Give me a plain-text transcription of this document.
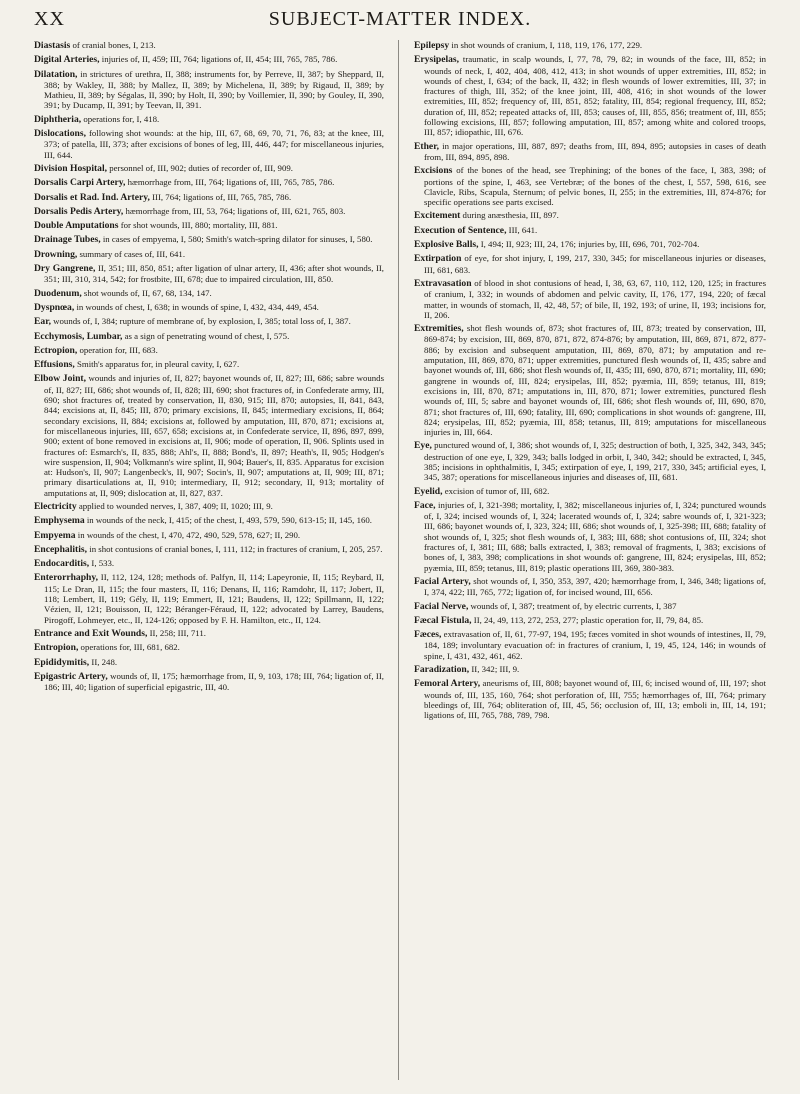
XX	SUBJECT-MATTER INDEX.

Diastasis of cranial bones, I, 213.

Digital Arteries, injuries of, II, 459; III, 764; ligations of, II, 454; III, 765, 785, 786.

Dilatation, in strictures of urethra, II, 388; instruments for, by Perreve, II, 387; by Sheppard, II, 388; by Wakley, II, 388; by Mallez, II, 389; by Michelena, II, 389; by Rigaud, II, 389; by Mathieu, II, 389; by Ségalas, II, 390; by Holt, II, 390; by Voillemier, II, 390; by Gouley, II, 390, 391; by Ducamp, II, 391; by Teevan, II, 391.

Diphtheria, operations for, I, 418.

Dislocations, following shot wounds: at the hip, III, 67, 68, 69, 70, 71, 76, 83; at the knee, III, 373; of patella, III, 373; after excisions of bones of leg, III, 446, 447; for miscellaneous injuries, III, 644.

Division Hospital, personnel of, III, 902; duties of recorder of, III, 909.

Dorsalis Carpi Artery, hæmorrhage from, III, 764; ligations of, III, 765, 785, 786.

Dorsalis et Rad. Ind. Artery, III, 764; ligations of, III, 765, 785, 786.

Dorsalis Pedis Artery, hæmorrhage from, III, 53, 764; ligations of, III, 621, 765, 803.

Double Amputations for shot wounds, III, 880; mortality, III, 881.

Drainage Tubes, in cases of empyema, I, 580; Smith's watch-spring dilator for sinuses, I, 580.

Drowning, summary of cases of, III, 641.

Dry Gangrene, II, 351; III, 850, 851; after ligation of ulnar artery, II, 436; after shot wounds, II, 351; III, 310, 314, 542; for frostbite, III, 678; due to impaired circulation, III, 850.

Duodenum, shot wounds of, II, 67, 68, 134, 147.

Dyspnœa, in wounds of chest, I, 638; in wounds of spine, I, 432, 434, 449, 454.

Ear, wounds of, I, 384; rupture of membrane of, by explosion, I, 385; total loss of, I, 387.

Ecchymosis, Lumbar, as a sign of penetrating wound of chest, I, 575.

Ectropion, operation for, III, 683.

Effusions, Smith's apparatus for, in pleural cavity, I, 627.

Elbow Joint, wounds and injuries of, II, 827; bayonet wounds of, II, 827; III, 686; sabre wounds of, II, 827; III, 686; shot wounds of, II, 828; III, 690; shot fractures of, in Confederate army, III, 690; shot fractures of, treated by conservation, II, 830, 915; III, 870; autopsies, II, 841, 843, 844; excisions at, II, 845; III, 870; primary excisions, II, 845; intermediary excisions, II, 864; secondary excisions, II, 884; excisions at, followed by amputation, III, 870, 871; excisions at, for miscellaneous injuries, III, 657, 658; excisions at, in Confederate service, II, 896, 897, 899, 900; extent of bone removed in excisions at, II, 906; mode of operation, II, 906. Splints used in fractures of: Esmarch's, II, 835, 888; Ahl's, II, 888; Bond's, II, 897; Heath's, II, 905; Hodgen's wire suspension, II, 904; Volkmann's wire splint, II, 904; Bauer's, II, 835. Apparatus for excision at: Hudson's, II, 907; Langenbeck's, II, 907; Socin's, II, 907; amputations at, II, 909; III, 871; primary disarticulations at, II, 910; intermediary, II, 912; secondary, II, 913; mortality of amputations at, II, 909; dislocation at, II, 827, 837.

Electricity applied to wounded nerves, I, 387, 409; II, 1020; III, 9.

Emphysema in wounds of the neck, I, 415; of the chest, I, 493, 579, 590, 613-15; II, 145, 160.

Empyema in wounds of the chest, I, 470, 472, 490, 529, 578, 627; II, 290.

Encephalitis, in shot contusions of cranial bones, I, 111, 112; in fractures of cranium, I, 205, 257.

Endocarditis, I, 533.

Enterorrhaphy, II, 112, 124, 128; methods of. Palfyn, II, 114; Lapeyronie, II, 115; Reybard, II, 115; Le Dran, II, 115; the four masters, II, 116; Denans, II, 116; Ramdohr, II, 117; Jobert, II, 118; Lembert, II, 119; Gély, II, 119; Emmert, II, 121; Baudens, II, 122; Spillmann, II, 122; Vézien, II, 121; Bouisson, II, 122; Béranger-Féraud, II, 122; advocated by Larrey, Baudens, Pirogoff, Lohmeyer, etc., II, 124-126; opposed by F. H. Hamilton, etc., II, 124.

Entrance and Exit Wounds, II, 258; III, 711.

Entropion, operations for, III, 681, 682.

Epididymitis, II, 248.

Epigastric Artery, wounds of, II, 175; hæmorrhage from, II, 9, 103, 178; III, 764; ligation of, II, 186; III, 40; ligation of superficial epigastric, III, 40.

Epilepsy in shot wounds of cranium, I, 118, 119, 176, 177, 229.

Erysipelas, traumatic, in scalp wounds, I, 77, 78, 79, 82; in wounds of the face, III, 852; in wounds of neck, I, 402, 404, 408, 412, 413; in shot wounds of upper extremities, III, 852; in wounds of chest, I, 634; of the back, II, 432; in flesh wounds of lower extremities, III, 37; in fractures of thigh, III, 352; of the knee joint, III, 408, 416; in shot wounds of the lower extremities, III, 852; frequency of, III, 851, 852; fatality, III, 854; regional frequency, III, 852; duration of, III, 852; repeated attacks of, III, 853; causes of, III, 855, 856; treatment of, III, 855; following excisions, III, 857; following amputation, III, 857; among white and colored troops, III, 857; idiopathic, III, 676.

Ether, in major operations, III, 887, 897; deaths from, III, 894, 895; autopsies in cases of death from, III, 894, 895, 898.

Excisions of the bones of the head, see Trephining; of the bones of the face, I, 383, 398; of portions of the spine, I, 463, see Vertebræ; of the bones of the chest, I, 557, 598, 616, see Clavicle, Ribs, Scapula, Sternum; of pelvic bones, II, 255; in the extremities, III, 874-876; for specific operations see parts excised.

Excitement during anæsthesia, III, 897.

Execution of Sentence, III, 641.

Explosive Balls, I, 494; II, 923; III, 24, 176; injuries by, III, 696, 701, 702-704.

Extirpation of eye, for shot injury, I, 199, 217, 330, 345; for miscellaneous injuries or diseases, III, 681, 683.

Extravasation of blood in shot contusions of head, I, 38, 63, 67, 110, 112, 120, 125; in fractures of cranium, I, 332; in wounds of abdomen and pelvic cavity, II, 176, 177, 194, 220; of fæcal matter, in wounds of stomach, II, 42, 48, 57; of bile, II, 192, 193; of urine, II, 193; incisions for, II, 206.

Extremities, shot flesh wounds of, 873; shot fractures of, III, 873; treated by conservation, III, 869-874; by excision, III, 869, 870, 871, 872, 874-876; by amputation, III, 869, 871, 872, 877-886; by excision and subsequent amputation, III, 869, 870, 871; by amputation and re-amputation, III, 869, 870, 871; upper extremities, punctured flesh wounds of, II, 435; sabre and bayonet wounds of, III, 686; shot flesh wounds of, II, 435; III, 690, 870, 871; mortality, III, 690; gangrene in wounds of, III, 824; erysipelas, III, 852; pyæmia, III, 859; tetanus, III, 819; excisions in, III, 870, 871; amputations in, III, 870, 871; lower extremities, punctured flesh wounds of, III, 5; sabre and bayonet wounds of, III, 686; shot flesh wounds of, III, 690, 870, 871; shot fractures of, III, 690; fatality, III, 690; complications in shot wounds of: gangrene, III, 824; erysipelas, III, 852; pyæmia, III, 858; tetanus, III, 819; amputations for miscellaneous injuries in, III, 664.

Eye, punctured wound of, I, 386; shot wounds of, I, 325; destruction of both, I, 325, 342, 343, 345; destruction of one eye, I, 329, 343; balls lodged in orbit, I, 340, 342; should be extracted, I, 345, 385; incisions in ophthalmitis, I, 345; extirpation of eye, I, 199, 217, 330, 345; artificial eyes, I, 345, 387; operations for miscellaneous injuries and diseases of, III, 681.

Eyelid, excision of tumor of, III, 682.

Face, injuries of, I, 321-398; mortality, I, 382; miscellaneous injuries of, I, 324; punctured wounds of, I, 324; incised wounds of, I, 324; lacerated wounds of, I, 324; sabre wounds of, I, 321-323; III, 686; bayonet wounds of, I, 323, 324; III, 686; shot wounds of, I, 325-398; III, 688; fatality of shot wounds of, I, 325; shot flesh wounds of, I, 383; III, 688; shot contusions of, III, 324; shot fractures of, I, 381; III, 688; balls extracted, I, 383; removal of fragments, I, 383; excisions of bones of, I, 383, 398; complications in shot wounds of: gangrene, III, 824; erysipelas, III, 852; pyæmia, III, 859; tetanus, III, 819; plastic operations III, 369, 380-383.

Facial Artery, shot wounds of, I, 350, 353, 397, 420; hæmorrhage from, I, 346, 348; ligations of, I, 374, 422; III, 765, 772; ligation of, for incised wound, III, 656.

Facial Nerve, wounds of, I, 387; treatment of, by electric currents, I, 387

Fæcal Fistula, II, 24, 49, 113, 272, 253, 277; plastic operation for, II, 79, 84, 85.

Fæces, extravasation of, II, 61, 77-97, 194, 195; fæces vomited in shot wounds of intestines, II, 79, 184, 189; involuntary evacuation of: in fractures of cranium, I, 19, 45, 124, 146; in wounds of spine, I, 431, 432, 461, 462.

Faradization, II, 342; III, 9.

Femoral Artery, aneurisms of, III, 808; bayonet wound of, III, 6; incised wound of, III, 197; shot wounds of, III, 135, 160, 764; shot perforation of, III, 755; hæmorrhages of, III, 764; primary bleedings of, III, 764; obliteration of, III, 45, 56; occlusion of, III, 13; emboli in, III, 14, 191; ligations of, III, 765, 788, 789, 798.
